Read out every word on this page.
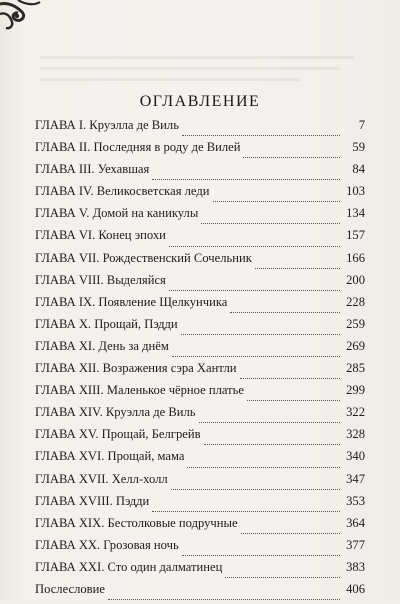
ОГЛАВЛЕНИЕ
ГЛАВА I. Круэлла де Виль	7
ГЛАВА II. Последняя в роду де Вилей	59
ГЛАВА III. Уехавшая	84
ГЛАВА IV. Великосветская леди	103
ГЛАВА V. Домой на каникулы	134
ГЛАВА VI. Конец эпохи	157
ГЛАВА VII. Рождественский Сочельник	166
ГЛАВА VIII. Выделяйся	200
ГЛАВА IX. Появление Щелкунчика	228
ГЛАВА X. Прощай, Пэдди	259
ГЛАВА XI. День за днём	269
ГЛАВА XII. Возражения сэра Хантли	285
ГЛАВА XIII. Маленькое чёрное платье	299
ГЛАВА XIV. Круэлла де Виль	322
ГЛАВА XV. Прощай, Белгрейв	328
ГЛАВА XVI. Прощай, мама	340
ГЛАВА XVII. Хелл-холл	347
ГЛАВА XVIII. Пэдди	353
ГЛАВА XIX. Бестолковые подручные	364
ГЛАВА XX. Грозовая ночь	377
ГЛАВА XXI. Сто один далматинец	383
Послесловие	406
